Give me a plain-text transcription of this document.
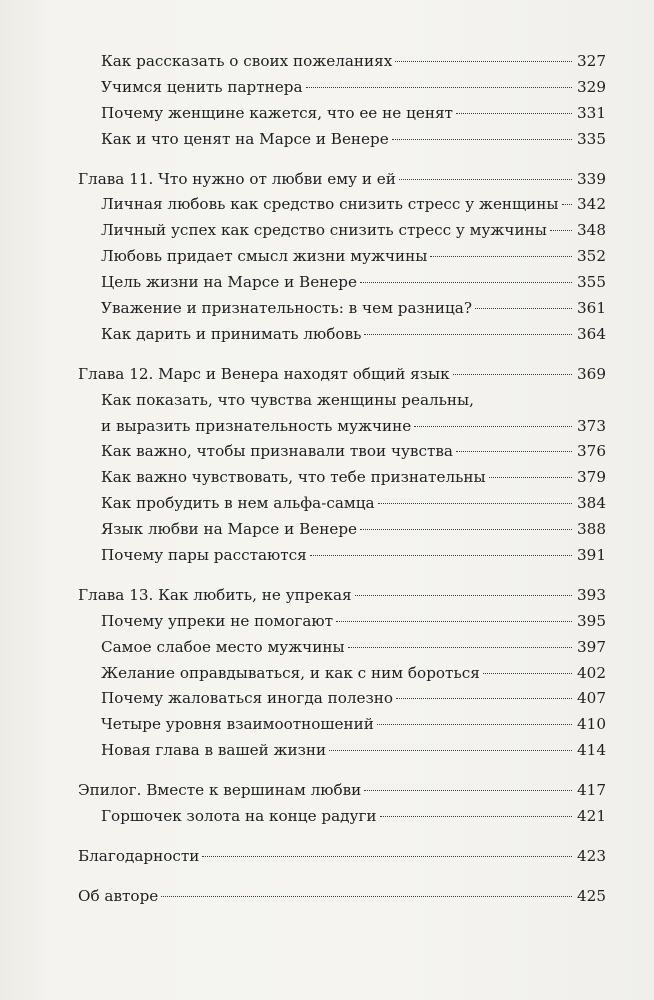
Как рассказать о своих пожеланиях	327
Учимся ценить партнера	329
Почему женщине кажется, что ее не ценят	331
Как и что ценят на Марсе и Венере	335
Глава 11. Что нужно от любви ему и ей	339
Личная любовь как средство снизить стресс у женщины 342
Личный успех как средство снизить стресс у мужчины 348
Любовь придает смысл жизни мужчины	352
Цель жизни на Марсе и Венере	355
Уважение и признательность: в чем разница?	361
Как дарить и принимать любовь	364
Глава 12. Марс и Венера находят общий язык	369
Как показать, что чувства женщины реальны,
и выразить признательность мужчине	373
Как важно, чтобы признавали твои чувства	376
Как важно чувствовать, что тебе признательны	379
Как пробудить в нем альфа-самца	384
Язык любви на Марсе и Венере	388
Почему пары расстаются	391
Глава 13. Как любить, не упрекая	393
Почему упреки не помогают	395
Самое слабое место мужчины	397
Желание оправдываться, и как с ним бороться	402
Почему жаловаться иногда полезно	407
Четыре уровня взаимоотношений	410
Новая глава в вашей жизни	414
Эпилог. Вместе к вершинам любви	417
Горшочек золота на конце радуги	421
Благодарности	423
Об авторе	425
